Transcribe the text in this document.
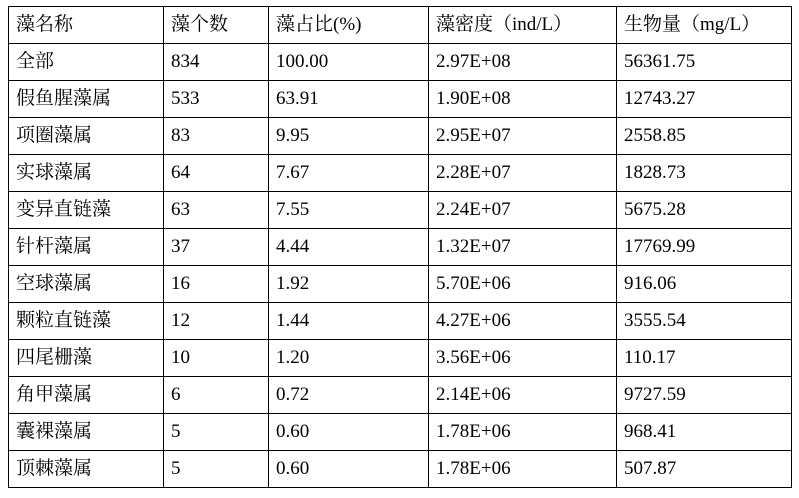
藻名称	藻个数	藻占比(%)	藻密度（ind/L）	生物量（mg/L）
全部	834	100.00	2.97E+08	56361.75
假鱼腥藻属	533	63.91	1.90E+08	12743.27
项圈藻属	83	9.95	2.95E+07	2558.85
实球藻属	64	7.67	2.28E+07	1828.73
变异直链藻	63	7.55	2.24E+07	5675.28
针杆藻属	37	4.44	1.32E+07	17769.99
空球藻属	16	1.92	5.70E+06	916.06
颗粒直链藻	12	1.44	4.27E+06	3555.54
四尾栅藻	10	1.20	3.56E+06	110.17
角甲藻属	6	0.72	2.14E+06	9727.59
囊裸藻属	5	0.60	1.78E+06	968.41
顶棘藻属	5	0.60	1.78E+06	507.87
